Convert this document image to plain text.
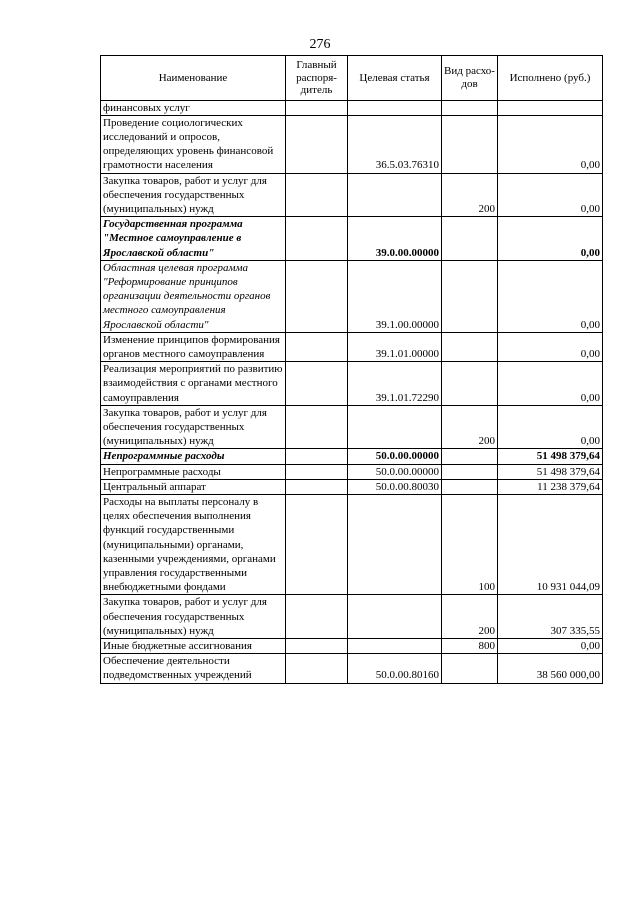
276
Наименование	Главный распоря-дитель	Целевая статья	Вид расхо-дов	Исполнено (руб.)
финансовых услуг				
Проведение социологических исследований и опросов, определяющих уровень финансовой грамотности населения		36.5.03.76310		0,00
Закупка товаров, работ и услуг для обеспечения государственных (муниципальных) нужд			200	0,00
Государственная программа "Местное самоуправление в Ярославской области"		39.0.00.00000		0,00
Областная целевая программа "Реформирование принципов организации деятельности органов местного самоуправления Ярославской области"		39.1.00.00000		0,00
Изменение принципов формирования органов местного самоуправления		39.1.01.00000		0,00
Реализация мероприятий по развитию взаимодействия с органами местного самоуправления		39.1.01.72290		0,00
Закупка товаров, работ и услуг для обеспечения государственных (муниципальных) нужд			200	0,00
Непрограммные расходы		50.0.00.00000		51 498 379,64
Непрограммные расходы		50.0.00.00000		51 498 379,64
Центральный аппарат		50.0.00.80030		11 238 379,64
Расходы на выплаты персоналу в целях обеспечения выполнения функций государственными (муниципальными) органами, казенными учреждениями, органами управления государственными внебюджетными фондами			100	10 931 044,09
Закупка товаров, работ и услуг для обеспечения государственных (муниципальных) нужд			200	307 335,55
Иные бюджетные ассигнования			800	0,00
Обеспечение деятельности подведомственных учреждений		50.0.00.80160		38 560 000,00
